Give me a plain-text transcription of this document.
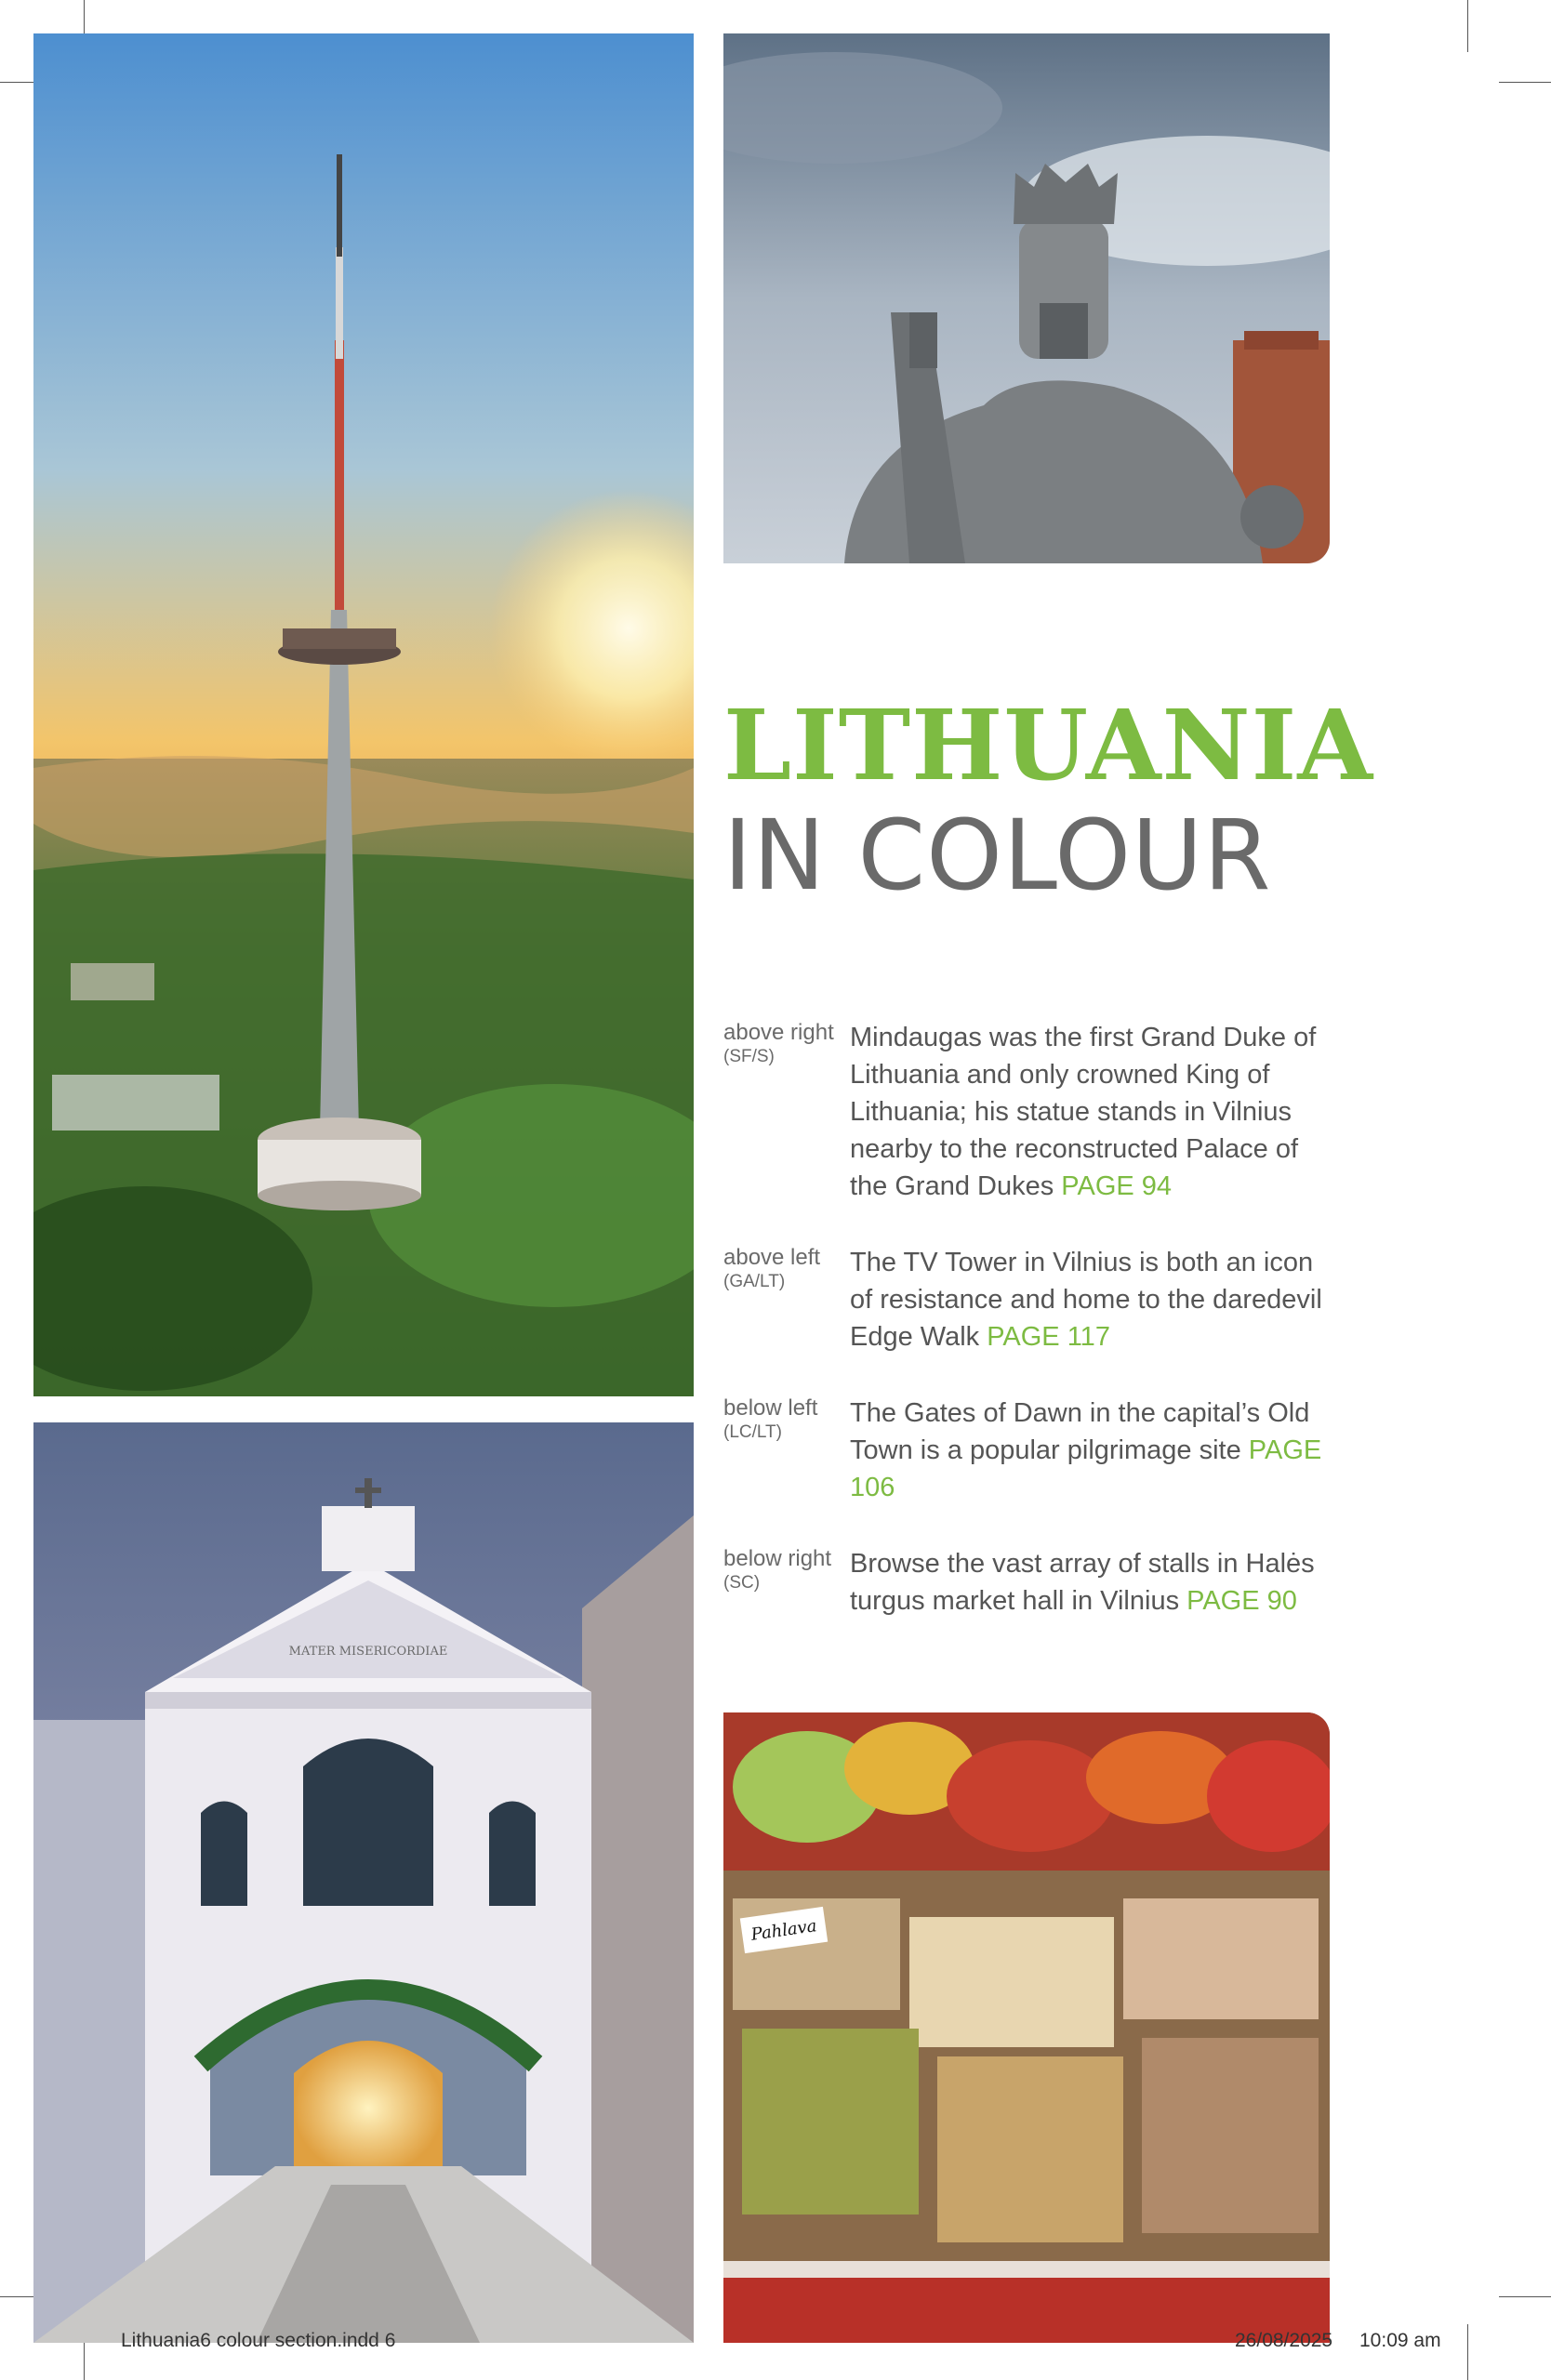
LITHUANIA
IN COLOUR
above right
(SF/S)
Mindaugas was the first Grand Duke of Lithuania and only crowned King of Lithuania; his statue stands in Vilnius nearby to the reconstructed Palace of the Grand Dukes PAGE 94
above left
(GA/LT)
The TV Tower in Vilnius is both an icon of resistance and home to the daredevil Edge Walk PAGE 117
below left
(LC/LT)
The Gates of Dawn in the capital’s Old Town is a popular pilgrimage site PAGE 106
below right
(SC)
Browse the vast array of stalls in Halės turgus market hall in Vilnius PAGE 90
MATER MISERICORDIAE
Pahlava
Lithuania6 colour section.indd 6	26/08/2025 10:09 am
